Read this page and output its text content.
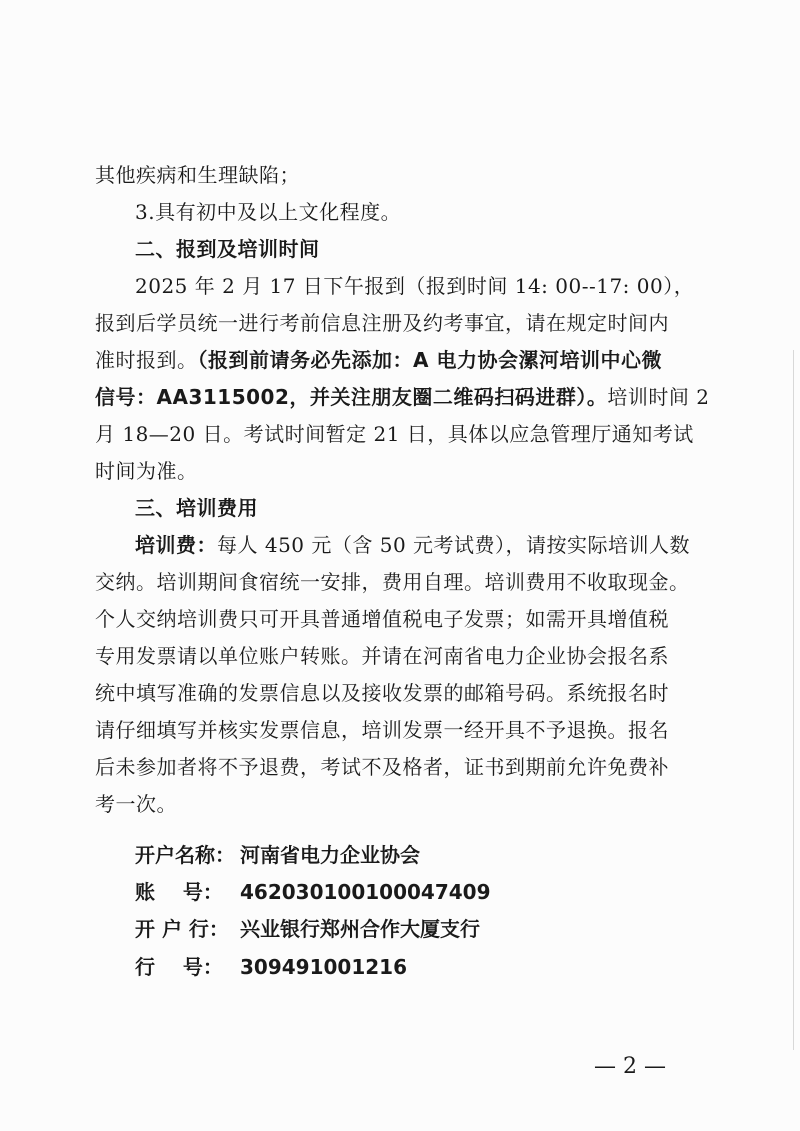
其他疾病和生理缺陷；
3.具有初中及以上文化程度。
二、报到及培训时间
2025 年 2 月 17 日下午报到（报到时间 14: 00--17: 00），
报到后学员统一进行考前信息注册及约考事宜，请在规定时间内
准时报到。（报到前请务必先添加：A 电力协会漯河培训中心微
信号：AA3115002，并关注朋友圈二维码扫码进群）。培训时间 2
月 18—20 日。考试时间暂定 21 日，具体以应急管理厅通知考试
时间为准。
三、培训费用
培训费：每人 450 元（含 50 元考试费），请按实际培训人数
交纳。培训期间食宿统一安排，费用自理。培训费用不收取现金。
个人交纳培训费只可开具普通增值税电子发票；如需开具增值税
专用发票请以单位账户转账。并请在河南省电力企业协会报名系
统中填写准确的发票信息以及接收发票的邮箱号码。系统报名时
请仔细填写并核实发票信息，培训发票一经开具不予退换。报名
后未参加者将不予退费，考试不及格者，证书到期前允许免费补
考一次。
开户名称： 河南省电力企业协会
账    号： 462030100100047409
开 户 行： 兴业银行郑州合作大厦支行
行    号： 309491001216
— 2 —
